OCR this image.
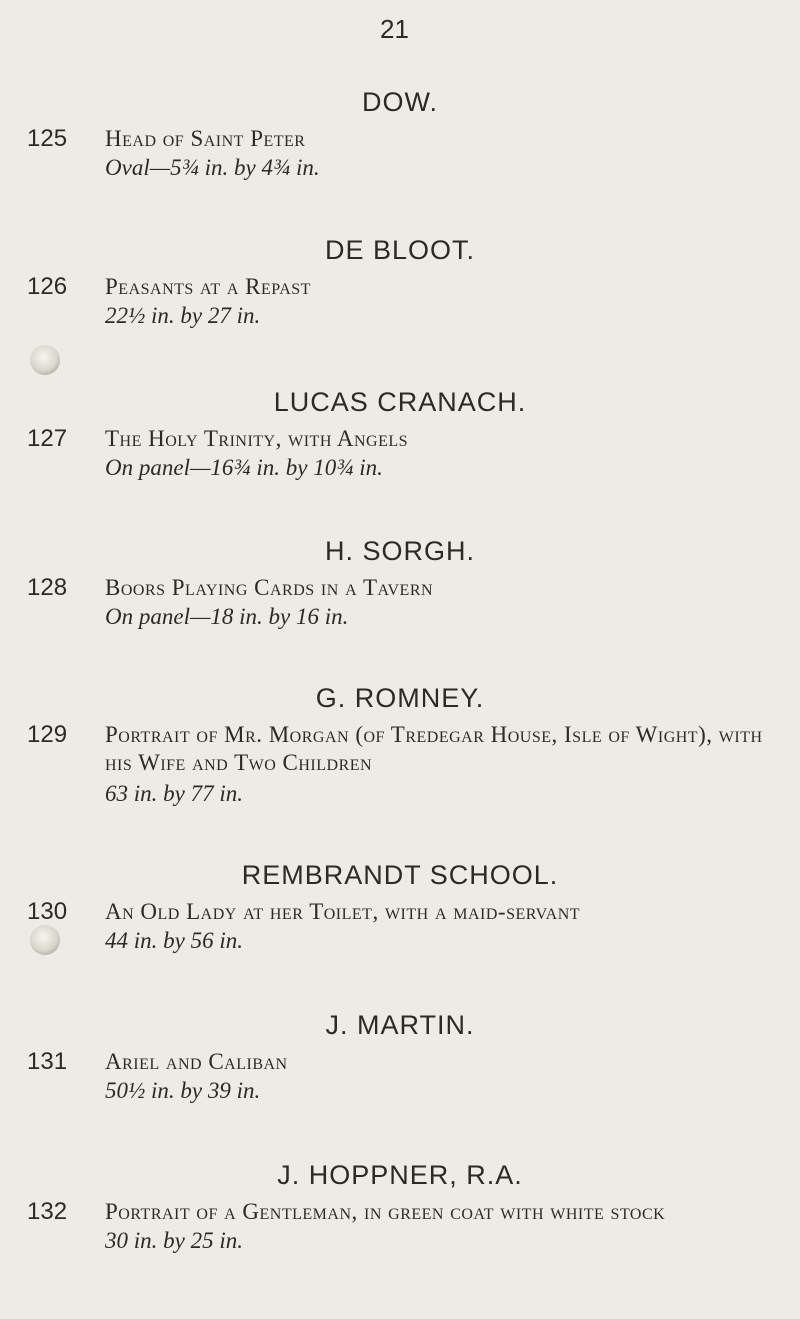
21
DOW.
125	Head of Saint Peter
Oval—5¾ in. by 4¾ in.
DE BLOOT.
126	Peasants at a Repast
22½ in. by 27 in.
LUCAS CRANACH.
127	The Holy Trinity, with Angels
On panel—16¾ in. by 10¾ in.
H. SORGH.
128	Boors Playing Cards in a Tavern
On panel—18 in. by 16 in.
G. ROMNEY.
129	Portrait of Mr. Morgan (of Tredegar House, Isle of Wight), with his Wife and Two Children
63 in. by 77 in.
REMBRANDT SCHOOL.
130	An Old Lady at her Toilet, with a maid-servant
44 in. by 56 in.
J. MARTIN.
131	Ariel and Caliban
50½ in. by 39 in.
J. HOPPNER, R.A.
132	Portrait of a Gentleman, in green coat with white stock
30 in. by 25 in.
